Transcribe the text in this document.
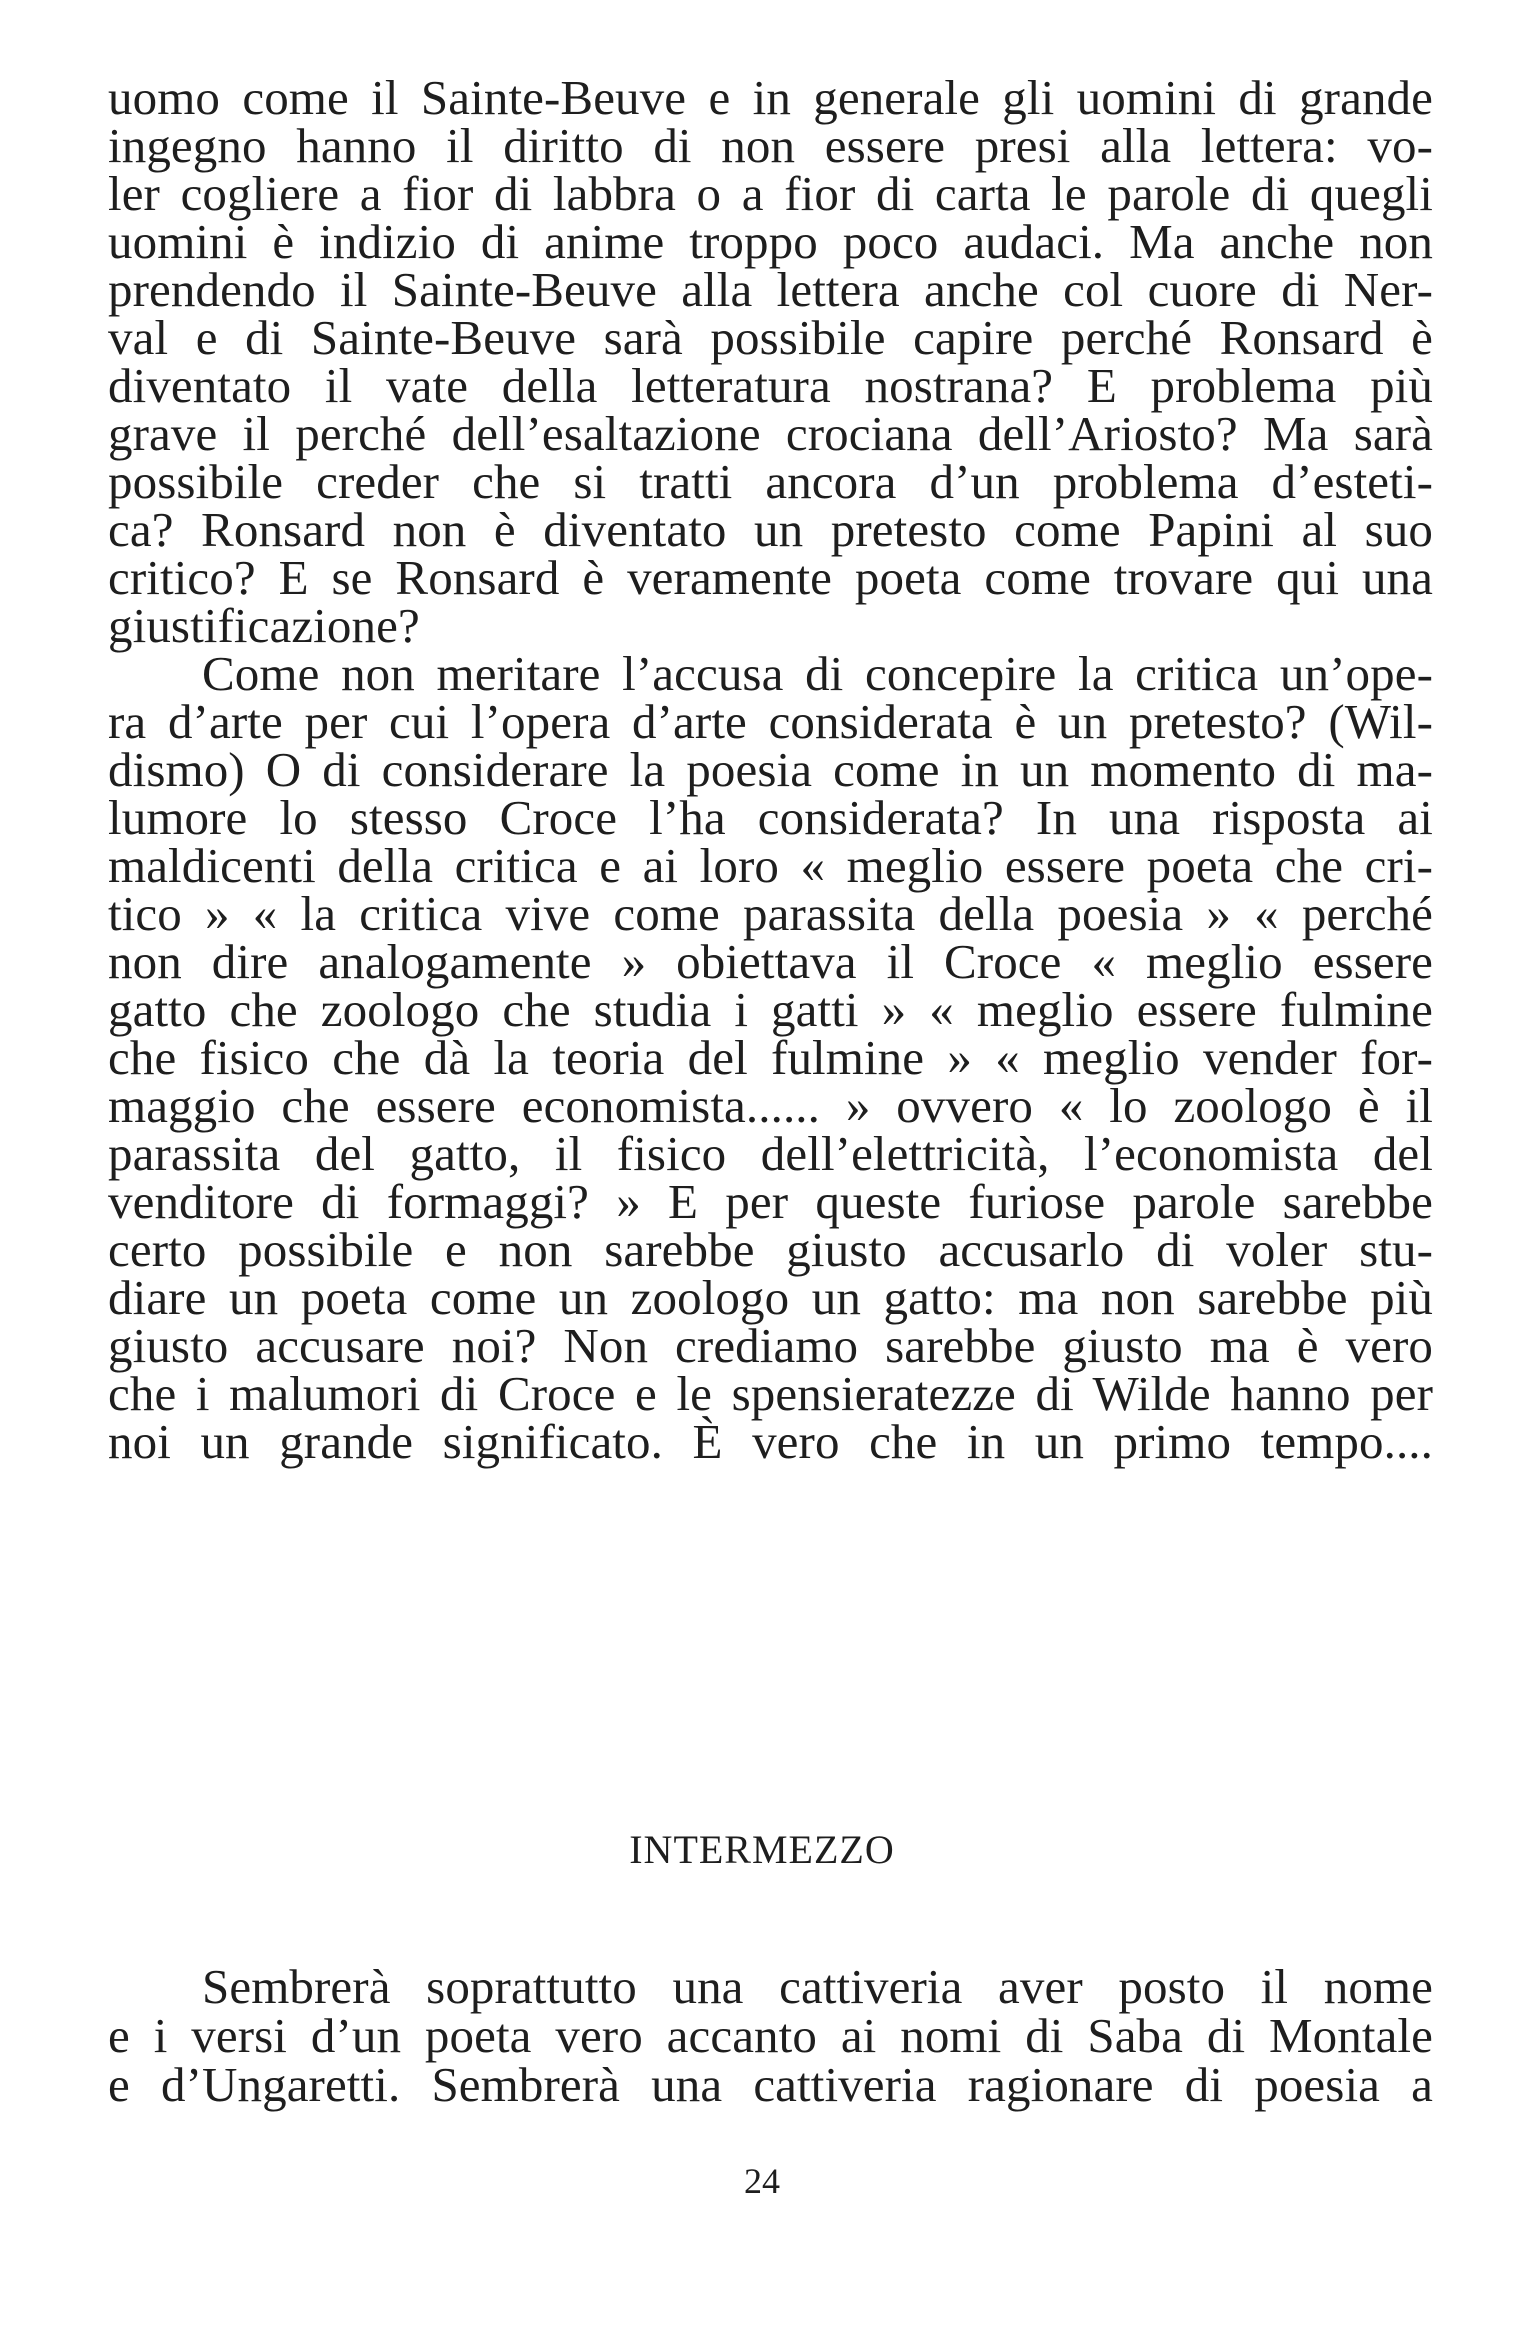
uomo come il Sainte-Beuve e in generale gli uomini di grande
ingegno hanno il diritto di non essere presi alla lettera: vo-
ler cogliere a fior di labbra o a fior di carta le parole di quegli
uomini è indizio di anime troppo poco audaci. Ma anche non
prendendo il Sainte-Beuve alla lettera anche col cuore di Ner-
val e di Sainte-Beuve sarà possibile capire perché Ronsard è
diventato il vate della letteratura nostrana? E problema più
grave il perché dell’esaltazione crociana dell’Ariosto? Ma sarà
possibile creder che si tratti ancora d’un problema d’esteti-
ca? Ronsard non è diventato un pretesto come Papini al suo
critico? E se Ronsard è veramente poeta come trovare qui una
giustificazione?
Come non meritare l’accusa di concepire la critica un’ope-
ra d’arte per cui l’opera d’arte considerata è un pretesto? (Wil-
dismo) O di considerare la poesia come in un momento di ma-
lumore lo stesso Croce l’ha considerata? In una risposta ai
maldicenti della critica e ai loro « meglio essere poeta che cri-
tico » « la critica vive come parassita della poesia » « perché
non dire analogamente » obiettava il Croce « meglio essere
gatto che zoologo che studia i gatti » « meglio essere fulmine
che fisico che dà la teoria del fulmine » « meglio vender for-
maggio che essere economista...... » ovvero « lo zoologo è il
parassita del gatto, il fisico dell’elettricità, l’economista del
venditore di formaggi? » E per queste furiose parole sarebbe
certo possibile e non sarebbe giusto accusarlo di voler stu-
diare un poeta come un zoologo un gatto: ma non sarebbe più
giusto accusare noi? Non crediamo sarebbe giusto ma è vero
che i malumori di Croce e le spensieratezze di Wilde hanno per
noi un grande significato. È vero che in un primo tempo....
INTERMEZZO
Sembrerà soprattutto una cattiveria aver posto il nome
e i versi d’un poeta vero accanto ai nomi di Saba di Montale
e d’Ungaretti. Sembrerà una cattiveria ragionare di poesia a
24
